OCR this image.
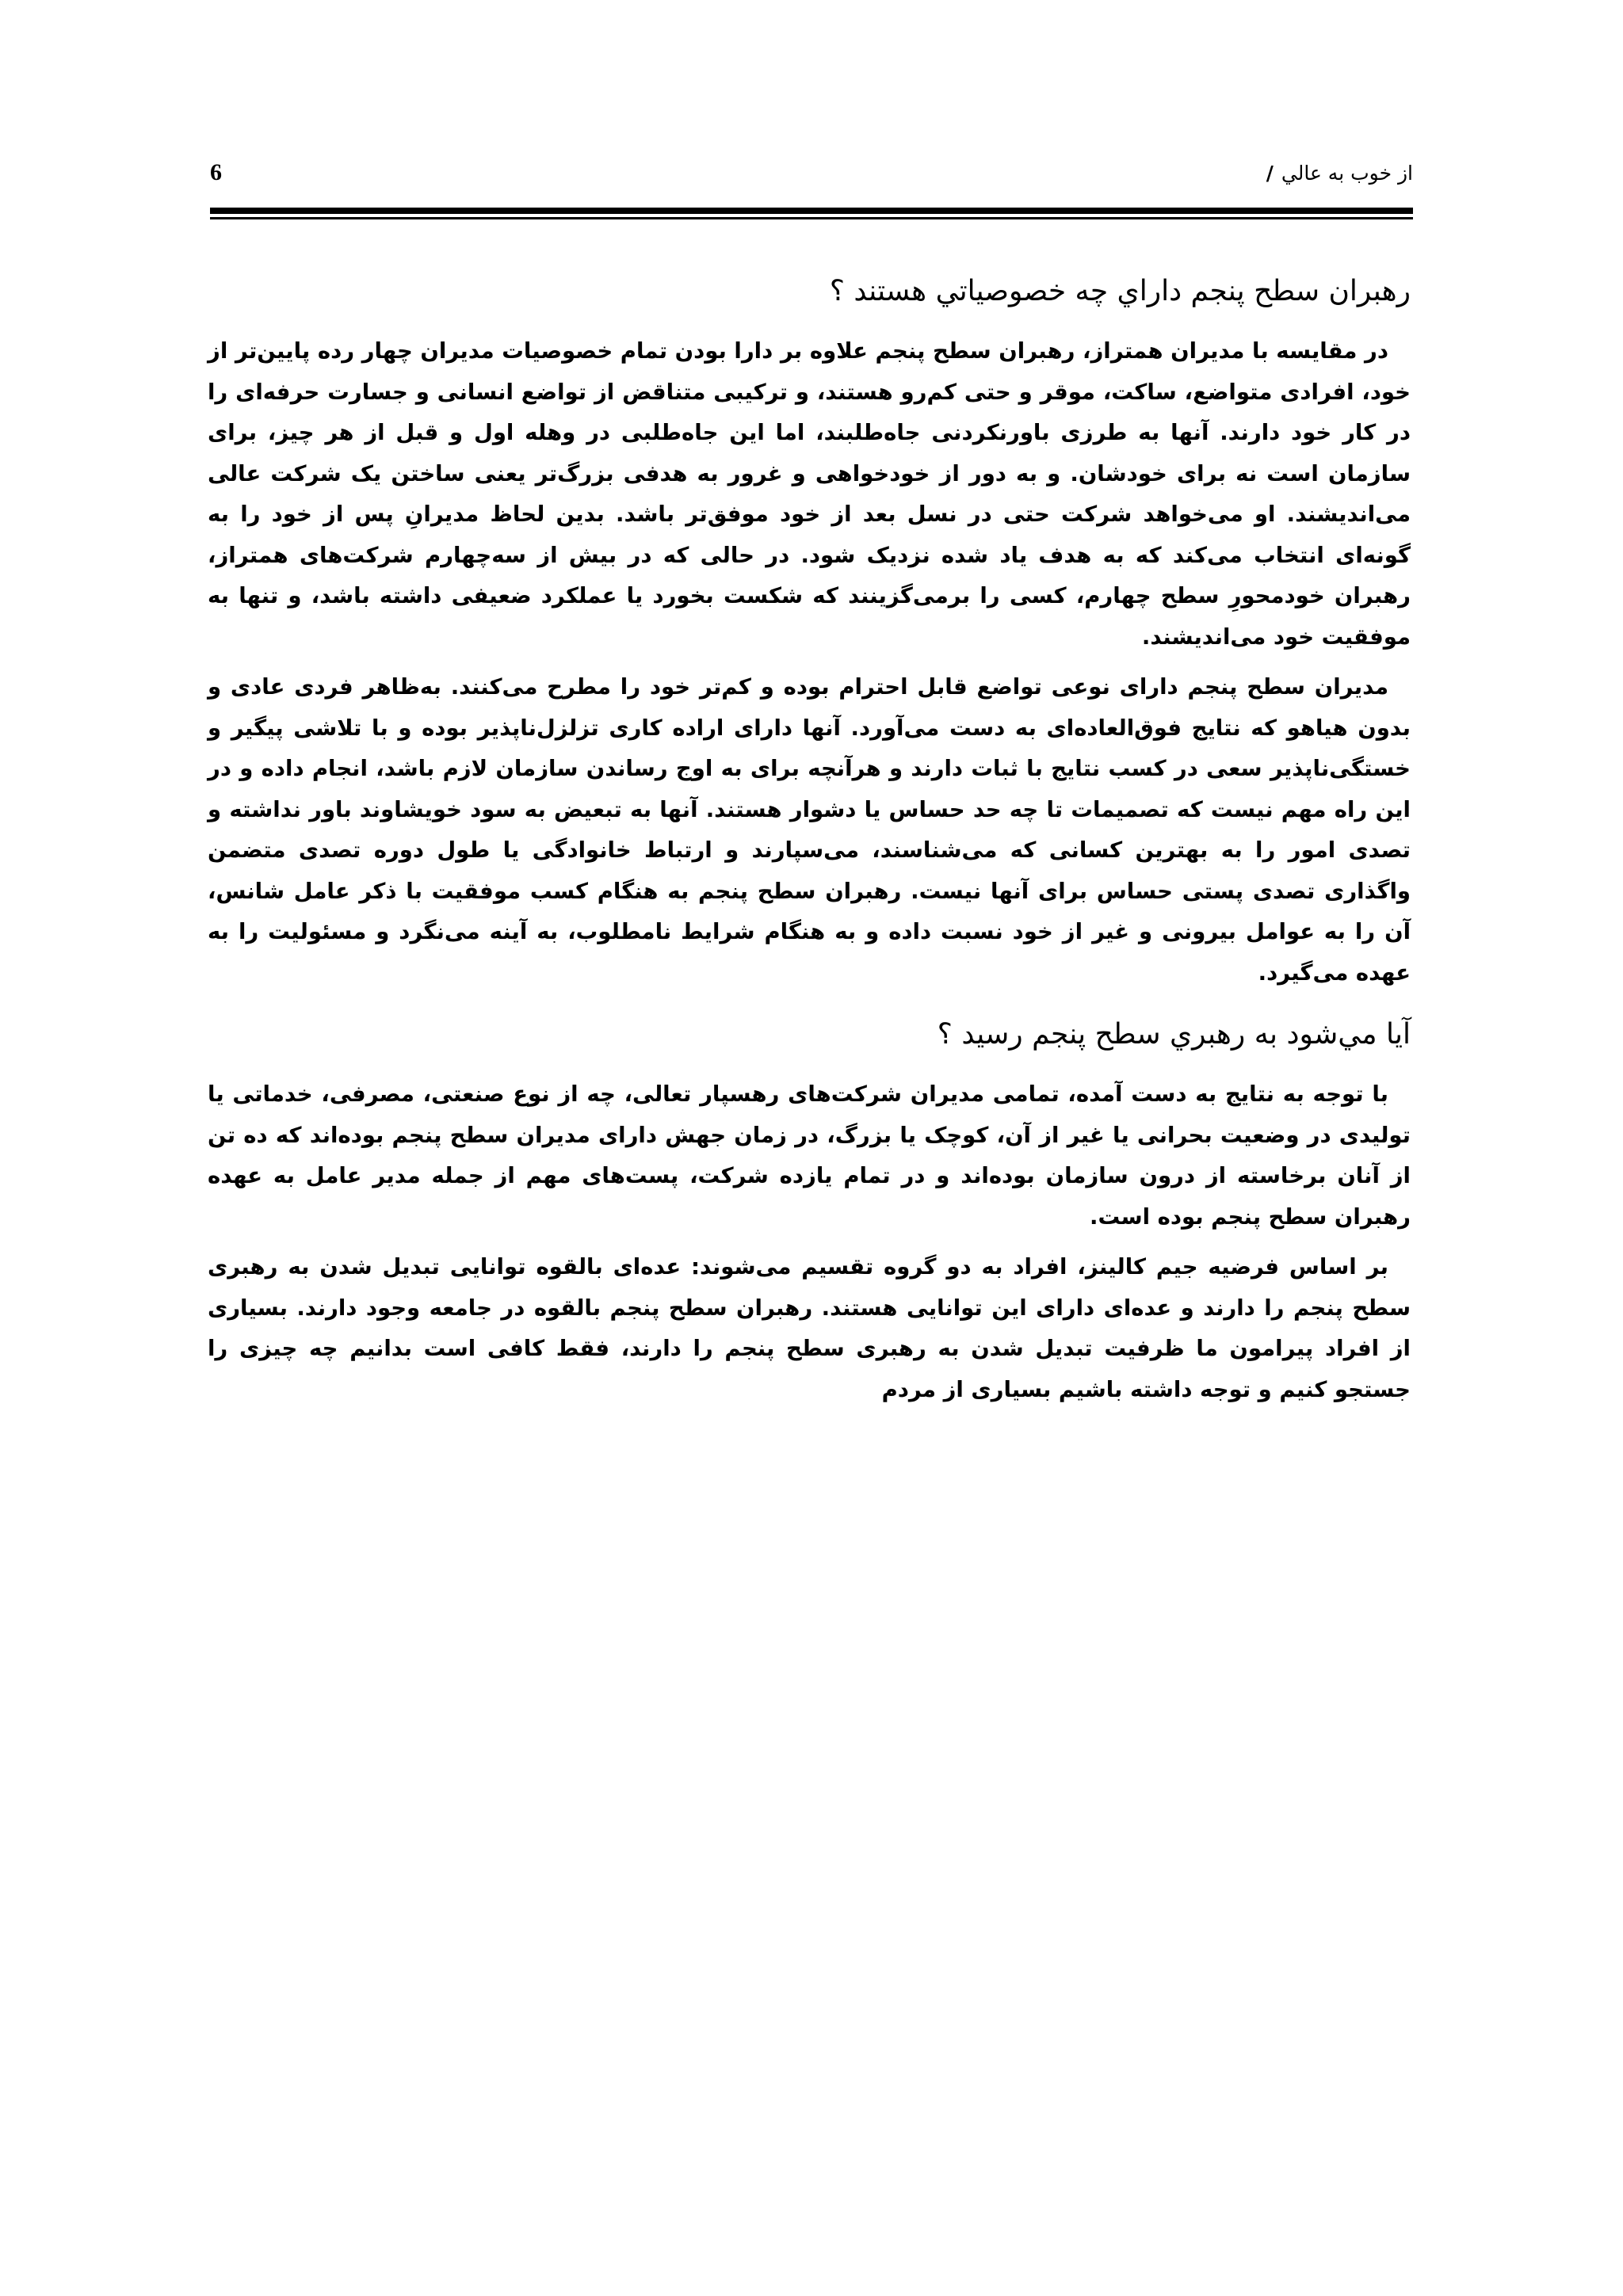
از خوب به عالي/
6
رهبران سطح پنجم داراي چه خصوصياتي هستند ؟

در مقایسه با مدیران همتراز، رهبران سطح پنجم علاوه بر دارا بودن تمام خصوصیات مدیران چهار رده پایین‌تر از خود، افرادی متواضع، ساکت، موقر و حتی کم‌رو هستند، و ترکیبی متناقض از تواضع انسانی و جسارت حرفه‌ای را در کار خود دارند. آنها به طرزی باورنکردنی جاه‌طلبند، اما این جاه‌طلبی در وهله اول و قبل از هر چیز، برای سازمان است نه برای خودشان. و به دور از خودخواهی و غرور به هدفی بزرگ‌تر یعنی ساختن یک شرکت عالی می‌اندیشند. او می‌خواهد شرکت حتی در نسل بعد از خود موفق‌تر باشد. بدین لحاظ مدیرانِ پس از خود را به گونه‌ای انتخاب می‌کند که به هدف یاد شده نزدیک شود. در حالی که در بیش از سه‌چهارم شرکت‌های همتراز، رهبران خودمحورِ سطح چهارم، کسی را برمی‌گزینند که شکست بخورد یا عملکرد ضعیفی داشته باشد، و تنها به موفقیت خود می‌اندیشند.

مدیران سطح پنجم دارای نوعی تواضع قابل احترام بوده و کم‌تر خود را مطرح می‌کنند. به‌ظاهر فردی عادی و بدون هیاهو که نتایج فوق‌العاده‌ای به دست می‌آورد. آنها دارای اراده کاری تزلزل‌ناپذیر بوده و با تلاشی پیگیر و خستگی‌ناپذیر سعی در کسب نتایج با ثبات دارند و هرآنچه برای به اوج رساندن سازمان لازم باشد، انجام داده و در این راه مهم نیست که تصمیمات تا چه حد حساس یا دشوار هستند. آنها به تبعیض به سود خویشاوند باور نداشته و تصدی امور را به بهترین کسانی که می‌شناسند، می‌سپارند و ارتباط خانوادگی یا طول دوره تصدی متضمن واگذاری تصدی پستی حساس برای آنها نیست. رهبران سطح پنجم به هنگام کسب موفقیت با ذکر عامل شانس، آن را به عوامل بیرونی و غیر از خود نسبت داده و به هنگام شرایط نامطلوب، به آینه می‌نگرد و مسئولیت را به عهده می‌گیرد.

آيا مي‌شود به رهبري سطح پنجم رسيد ؟

با توجه به نتایج به دست آمده، تمامی مدیران شرکت‌های رهسپار تعالی، چه از نوع صنعتی، مصرفی، خدماتی یا تولیدی در وضعیت بحرانی یا غیر از آن، کوچک یا بزرگ، در زمان جهش دارای مدیران سطح پنجم بوده‌اند که ده تن از آنان برخاسته از درون سازمان بوده‌اند و در تمام یازده شرکت، پست‌های مهم از جمله مدیر عامل به عهده رهبران سطح پنجم بوده است.

بر اساس فرضیه جیم کالینز، افراد به دو گروه تقسیم می‌شوند: عده‌ای بالقوه توانایی تبدیل شدن به رهبری سطح پنجم را دارند و عده‌ای دارای این توانایی هستند. رهبران سطح پنجم بالقوه در جامعه وجود دارند. بسیاری از افراد پیرامون ما ظرفیت تبدیل شدن به رهبری سطح پنجم را دارند، فقط کافی است بدانیم چه چیزی را جستجو کنیم و توجه داشته باشیم بسیاری از مردم
